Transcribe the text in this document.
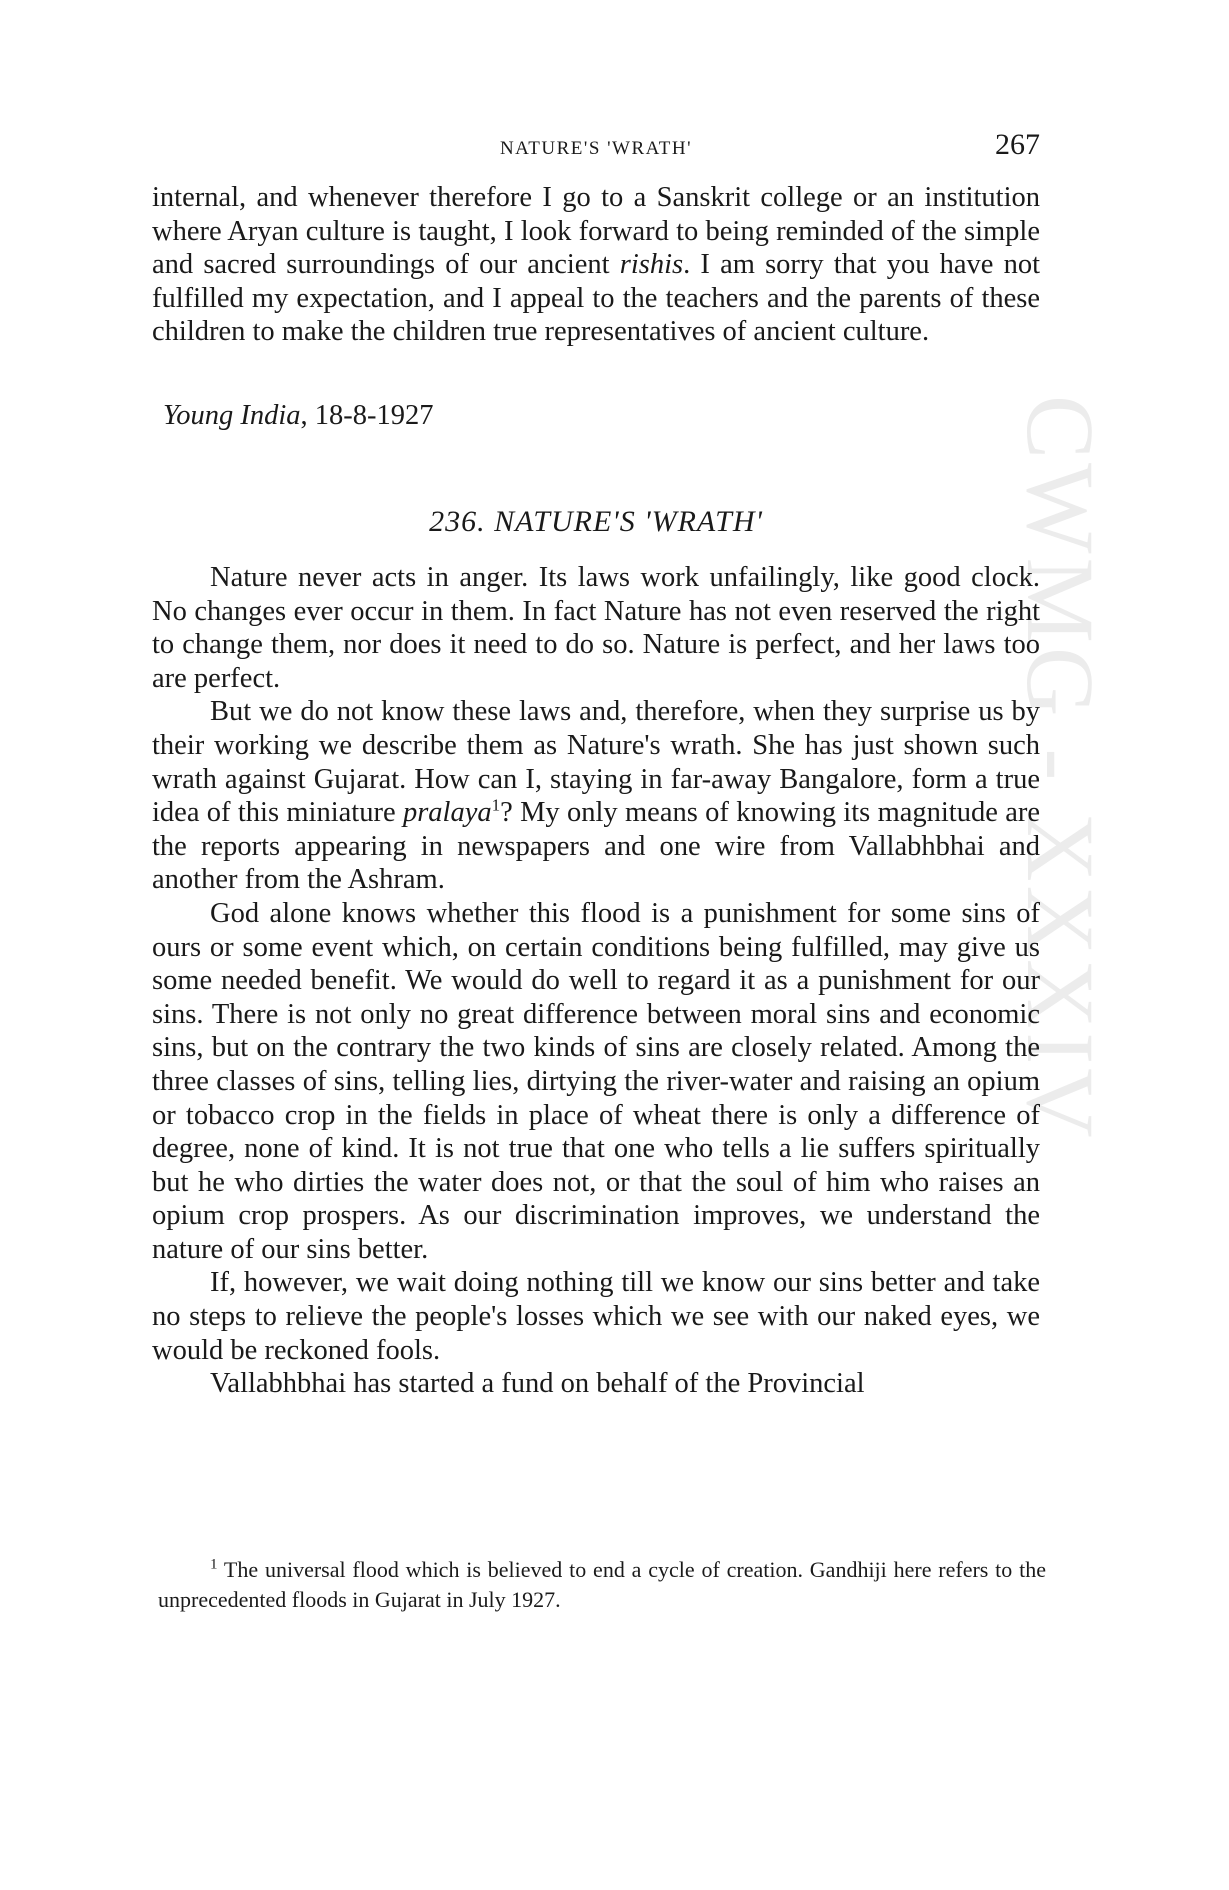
CWMG - XXXIV
NATURE'S 'WRATH'	267

internal, and whenever therefore I go to a Sanskrit college or an institution where Aryan culture is taught, I look forward to being reminded of the simple and sacred surroundings of our ancient rishis. I am sorry that you have not fulfilled my expectation, and I appeal to the teachers and the parents of these children to make the children true representatives of ancient culture.

Young India, 18-8-1927
236. NATURE'S 'WRATH'

Nature never acts in anger. Its laws work unfailingly, like good clock. No changes ever occur in them. In fact Nature has not even reserved the right to change them, nor does it need to do so. Nature is perfect, and her laws too are perfect.

But we do not know these laws and, therefore, when they surprise us by their working we describe them as Nature's wrath. She has just shown such wrath against Gujarat. How can I, staying in far-away Bangalore, form a true idea of this miniature pralaya$^1$? My only means of knowing its magnitude are the reports appearing in newspapers and one wire from Vallabhbhai and another from the Ashram.

God alone knows whether this flood is a punishment for some sins of ours or some event which, on certain conditions being fulfilled, may give us some needed benefit. We would do well to regard it as a punishment for our sins. There is not only no great difference between moral sins and economic sins, but on the contrary the two kinds of sins are closely related. Among the three classes of sins, telling lies, dirtying the river-water and raising an opium or tobacco crop in the fields in place of wheat there is only a difference of degree, none of kind. It is not true that one who tells a lie suffers spiritually but he who dirties the water does not, or that the soul of him who raises an opium crop prospers. As our discrimination improves, we understand the nature of our sins better.

If, however, we wait doing nothing till we know our sins better and take no steps to relieve the people's losses which we see with our naked eyes, we would be reckoned fools.

Vallabhbhai has started a fund on behalf of the Provincial

$^1$ The universal flood which is believed to end a cycle of creation. Gandhiji here refers to the unprecedented floods in Gujarat in July 1927.
